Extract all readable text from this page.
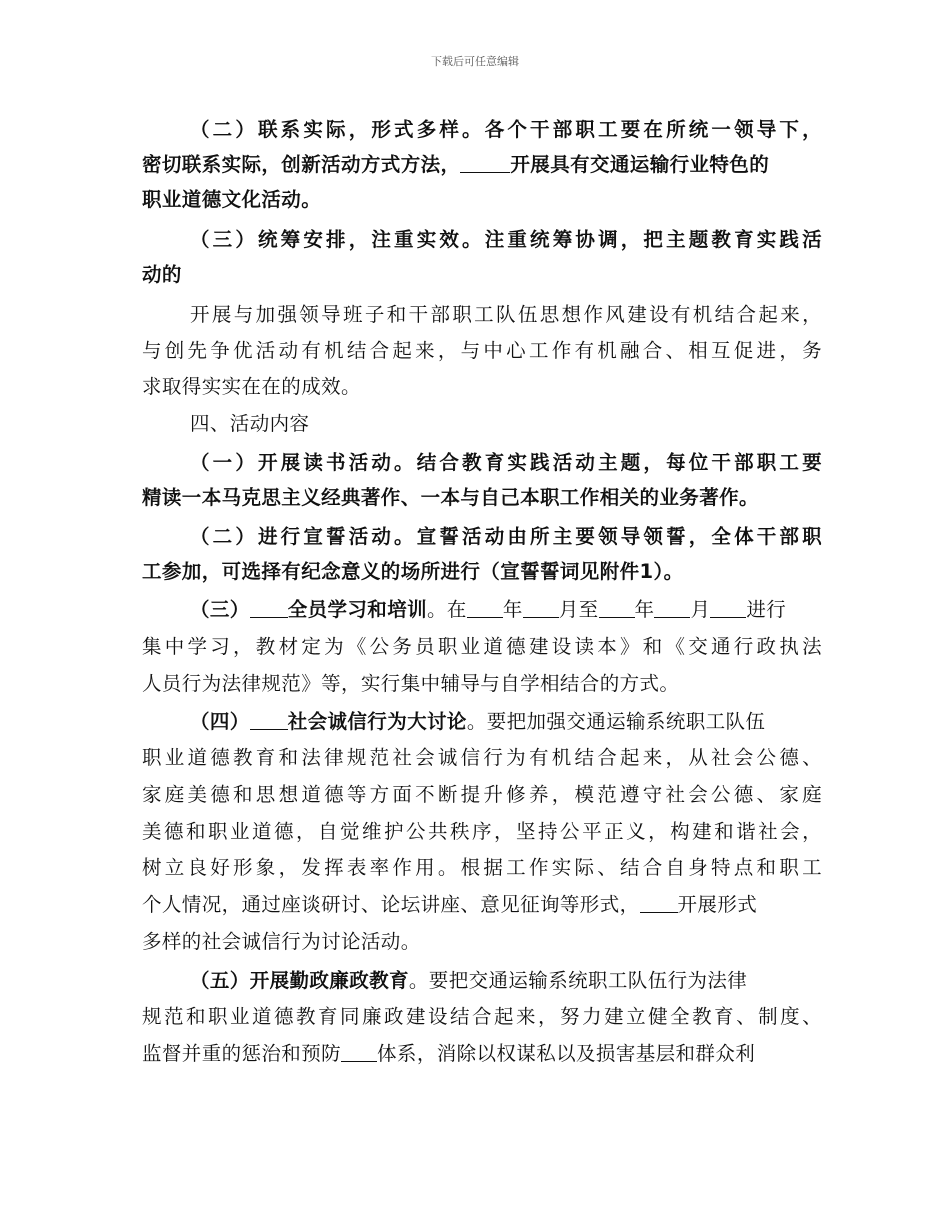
下载后可任意编辑
（二）联系实际，形式多样。各个干部职工要在所统一领导下，
密切联系实际，创新活动方式方法，	开展具有交通运输行业特色的
职业道德文化活动。
（三）统筹安排，注重实效。注重统筹协调，把主题教育实践活
动的
开展与加强领导班子和干部职工队伍思想作风建设有机结合起来，
与创先争优活动有机结合起来，与中心工作有机融合、相互促进，务
求取得实实在在的成效。
四、活动内容
（一）开展读书活动。结合教育实践活动主题，每位干部职工要
精读一本马克思主义经典著作、一本与自己本职工作相关的业务著作。
（二）进行宣誓活动。宣誓活动由所主要领导领誓，全体干部职
工参加，可选择有纪念意义的场所进行（宣誓誓词见附件1）。
（三） 全员学习和培训。在 年 月至 年 月 进行
集中学习，教材定为《公务员职业道德建设读本》和《交通行政执法
人员行为法律规范》等，实行集中辅导与自学相结合的方式。
（四） 社会诚信行为大讨论。要把加强交通运输系统职工队伍
职业道德教育和法律规范社会诚信行为有机结合起来，从社会公德、
家庭美德和思想道德等方面不断提升修养，模范遵守社会公德、家庭
美德和职业道德，自觉维护公共秩序，坚持公平正义，构建和谐社会，
树立良好形象，发挥表率作用。根据工作实际、结合自身特点和职工
个人情况，通过座谈研讨、论坛讲座、意见征询等形式， 开展形式
多样的社会诚信行为讨论活动。
（五）开展勤政廉政教育。要把交通运输系统职工队伍行为法律
规范和职业道德教育同廉政建设结合起来，努力建立健全教育、制度、
监督并重的惩治和预防 体系，消除以权谋私以及损害基层和群众利
